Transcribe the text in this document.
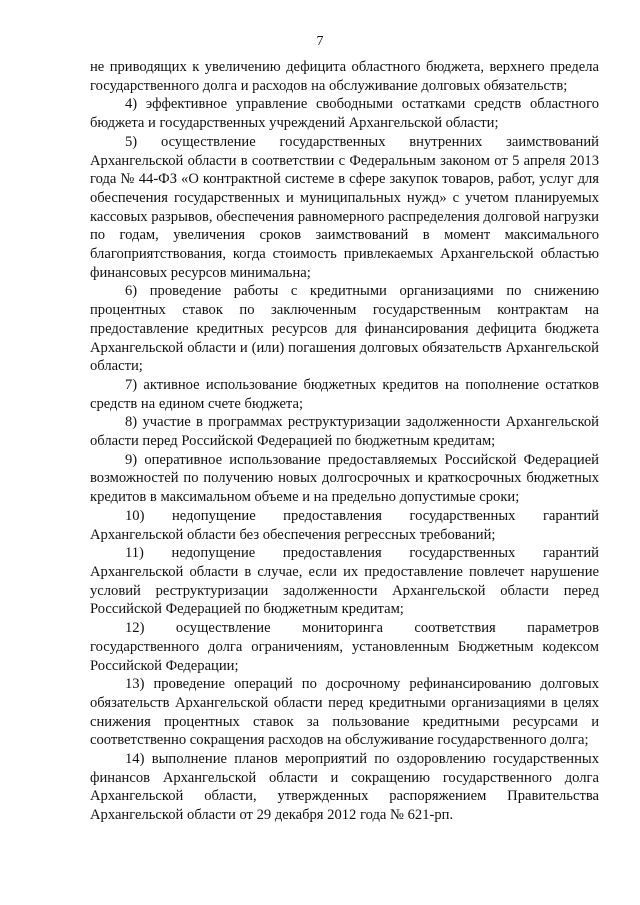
7

не приводящих к увеличению дефицита областного бюджета, верхнего предела государственного долга и расходов на обслуживание долговых обязательств;

4) эффективное управление свободными остатками средств областного бюджета и государственных учреждений Архангельской области;

5) осуществление государственных внутренних заимствований Архангельской области в соответствии с Федеральным законом от 5 апреля 2013 года № 44-ФЗ «О контрактной системе в сфере закупок товаров, работ, услуг для обеспечения государственных и муниципальных нужд» с учетом планируемых кассовых разрывов, обеспечения равномерного распределения долговой нагрузки по годам, увеличения сроков заимствований в момент максимального благоприятствования, когда стоимость привлекаемых Архангельской областью финансовых ресурсов минимальна;

6) проведение работы с кредитными организациями по снижению процентных ставок по заключенным государственным контрактам на предоставление кредитных ресурсов для финансирования дефицита бюджета Архангельской области и (или) погашения долговых обязательств Архангельской области;

7) активное использование бюджетных кредитов на пополнение остатков средств на едином счете бюджета;

8) участие в программах реструктуризации задолженности Архангельской области перед Российской Федерацией по бюджетным кредитам;

9) оперативное использование предоставляемых Российской Федерацией возможностей по получению новых долгосрочных и краткосрочных бюджетных кредитов в максимальном объеме и на предельно допустимые сроки;

10) недопущение предоставления государственных гарантий Архангельской области без обеспечения регрессных требований;

11) недопущение предоставления государственных гарантий Архангельской области в случае, если их предоставление повлечет нарушение условий реструктуризации задолженности Архангельской области перед Российской Федерацией по бюджетным кредитам;

12) осуществление мониторинга соответствия параметров государственного долга ограничениям, установленным Бюджетным кодексом Российской Федерации;

13) проведение операций по досрочному рефинансированию долговых обязательств Архангельской области перед кредитными организациями в целях снижения процентных ставок за пользование кредитными ресурсами и соответственно сокращения расходов на обслуживание государственного долга;

14) выполнение планов мероприятий по оздоровлению государственных финансов Архангельской области и сокращению государственного долга Архангельской области, утвержденных распоряжением Правительства Архангельской области от 29 декабря 2012 года № 621-рп.
